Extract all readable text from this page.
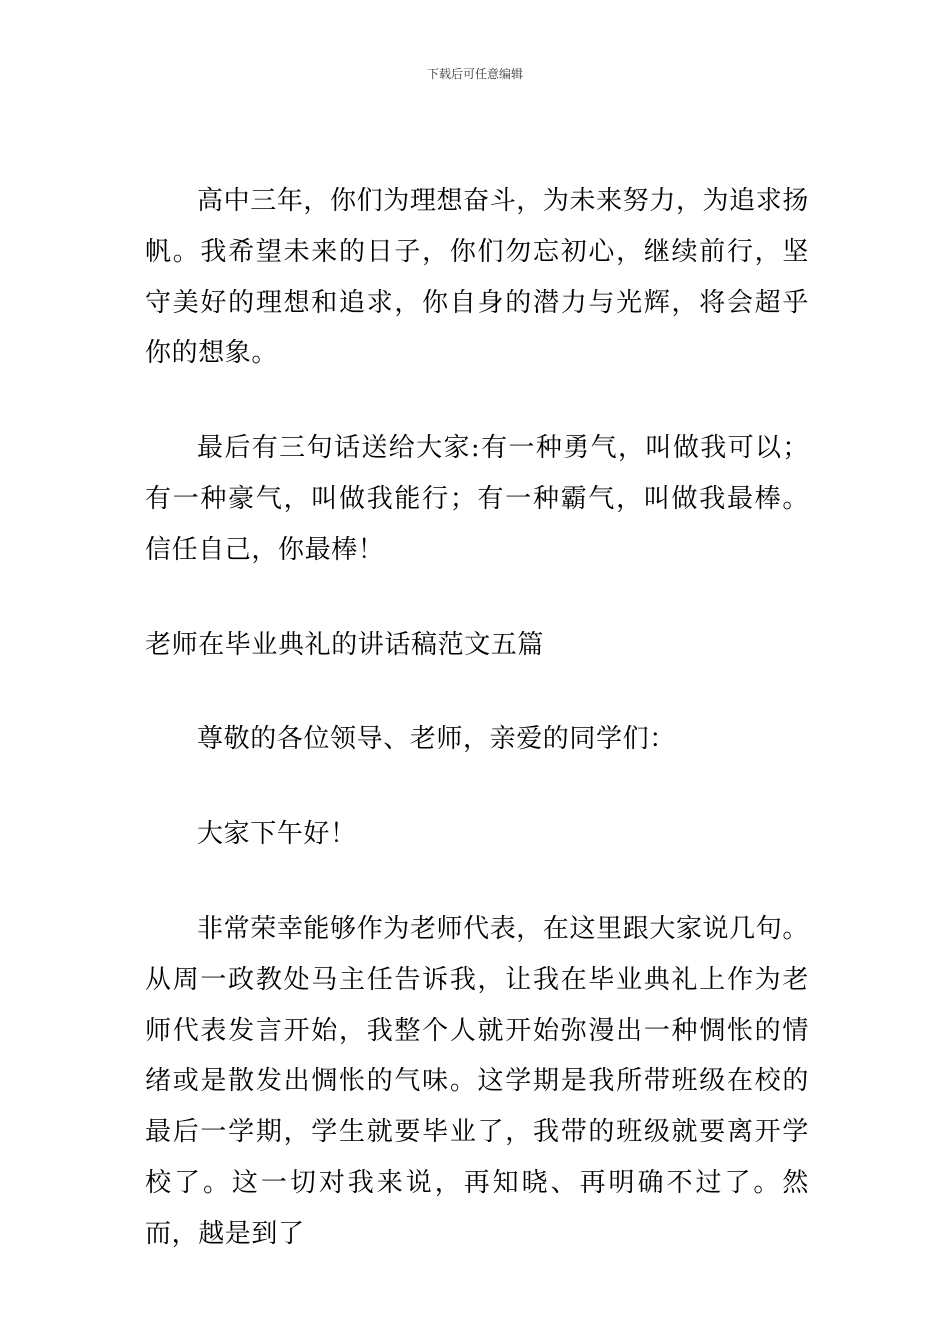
下载后可任意编辑

高中三年，你们为理想奋斗，为未来努力，为追求扬帆。我希望未来的日子，你们勿忘初心，继续前行，坚守美好的理想和追求，你自身的潜力与光辉，将会超乎你的想象。

最后有三句话送给大家:有一种勇气，叫做我可以；有一种豪气，叫做我能行；有一种霸气，叫做我最棒。信任自己，你最棒！

老师在毕业典礼的讲话稿范文五篇

尊敬的各位领导、老师，亲爱的同学们：

大家下午好！

非常荣幸能够作为老师代表，在这里跟大家说几句。从周一政教处马主任告诉我，让我在毕业典礼上作为老师代表发言开始，我整个人就开始弥漫出一种惆怅的情绪或是散发出惆怅的气味。这学期是我所带班级在校的最后一学期，学生就要毕业了，我带的班级就要离开学校了。这一切对我来说，再知晓、再明确不过了。然而，越是到了
